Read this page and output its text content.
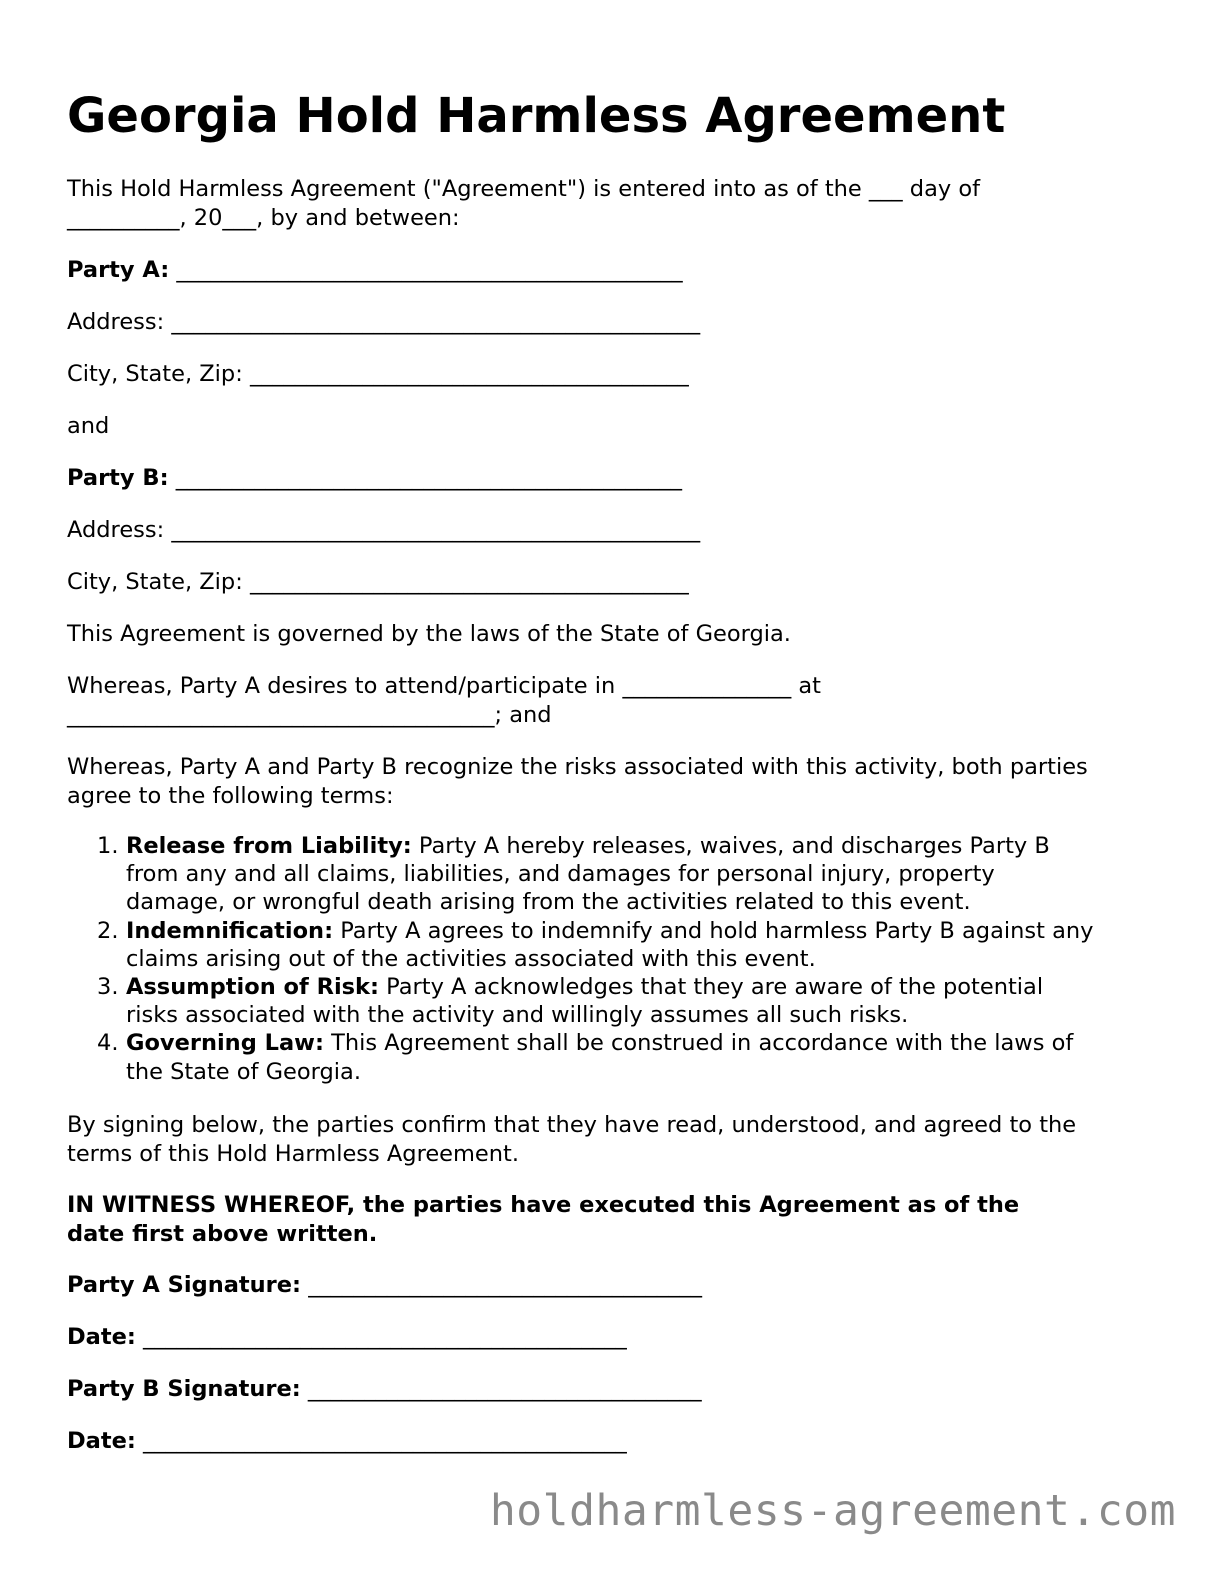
Georgia Hold Harmless Agreement
This Hold Harmless Agreement ("Agreement") is entered into as of the ___ day of
__________, 20___, by and between:
Party A: _____________________________________________
Address: _______________________________________________
City, State, Zip: _______________________________________
and
Party B: _____________________________________________
Address: _______________________________________________
City, State, Zip: _______________________________________
This Agreement is governed by the laws of the State of Georgia.
Whereas, Party A desires to attend/participate in _______________ at
______________________________________; and
Whereas, Party A and Party B recognize the risks associated with this activity, both parties
agree to the following terms:
1. Release from Liability: Party A hereby releases, waives, and discharges Party B
from any and all claims, liabilities, and damages for personal injury, property
damage, or wrongful death arising from the activities related to this event.
2. Indemnification: Party A agrees to indemnify and hold harmless Party B against any
claims arising out of the activities associated with this event.
3. Assumption of Risk: Party A acknowledges that they are aware of the potential
risks associated with the activity and willingly assumes all such risks.
4. Governing Law: This Agreement shall be construed in accordance with the laws of
the State of Georgia.
By signing below, the parties confirm that they have read, understood, and agreed to the
terms of this Hold Harmless Agreement.
IN WITNESS WHEREOF, the parties have executed this Agreement as of the
date first above written.
Party A Signature: ___________________________________
Date: ___________________________________________
Party B Signature: ___________________________________
Date: ___________________________________________
holdharmless-agreement.com
